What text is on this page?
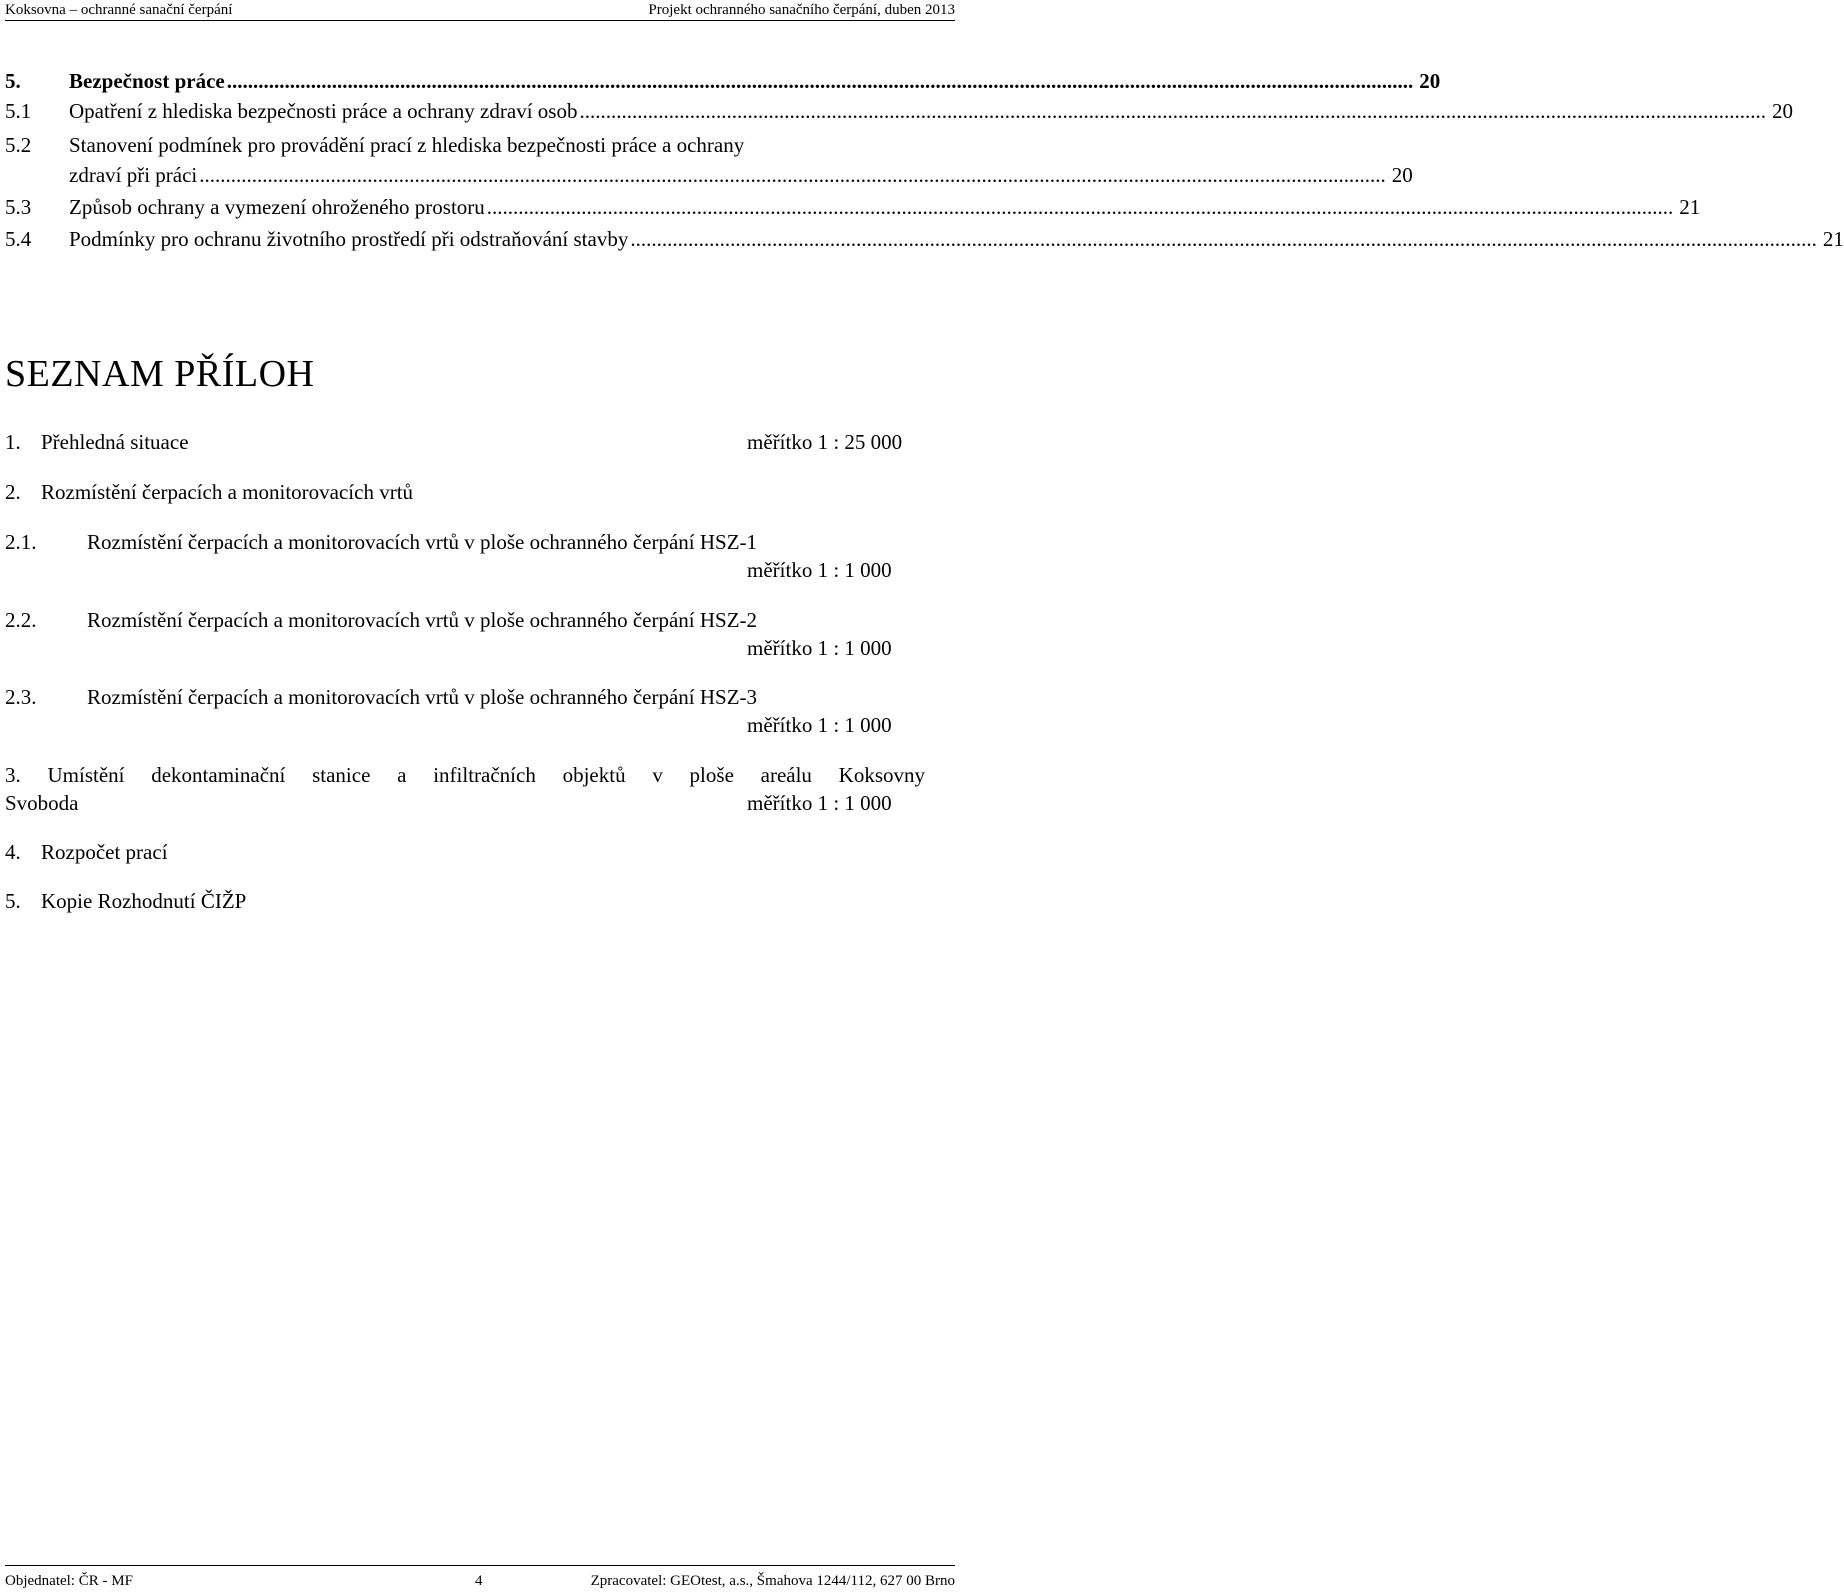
Koksovna – ochranné sanační čerpání	Projekt ochranného sanačního čerpání, duben 2013
5.	Bezpečnost práce .................................................................................................................................................................................................................................. 20
5.1	Opatření z hlediska bezpečnosti práce a ochrany zdraví osob .................................................................................................................................................................................................................................. 20
5.2	Stanovení podmínek pro provádění prací z hlediska bezpečnosti práce a ochrany
zdraví při práci .................................................................................................................................................................................................................................. 20
5.3	Způsob ochrany a vymezení ohroženého prostoru .................................................................................................................................................................................................................................. 21
5.4	Podmínky pro ochranu životního prostředí při odstraňování stavby .................................................................................................................................................................................................................................. 21
SEZNAM PŘÍLOH
1. Přehledná situace	měřítko 1 : 25 000
2. Rozmístění čerpacích a monitorovacích vrtů
2.1. Rozmístění čerpacích a monitorovacích vrtů v ploše ochranného čerpání HSZ-1
měřítko 1 : 1 000
2.2. Rozmístění čerpacích a monitorovacích vrtů v ploše ochranného čerpání HSZ-2
měřítko 1 : 1 000
2.3. Rozmístění čerpacích a monitorovacích vrtů v ploše ochranného čerpání HSZ-3
měřítko 1 : 1 000
3. Umístění dekontaminační stanice a infiltračních objektů v ploše areálu Koksovny
Svoboda	měřítko 1 : 1 000
4. Rozpočet prací
5. Kopie Rozhodnutí ČIŽP
Objednatel: ČR - MF	4	Zpracovatel: GEOtest, a.s., Šmahova 1244/112, 627 00 Brno
